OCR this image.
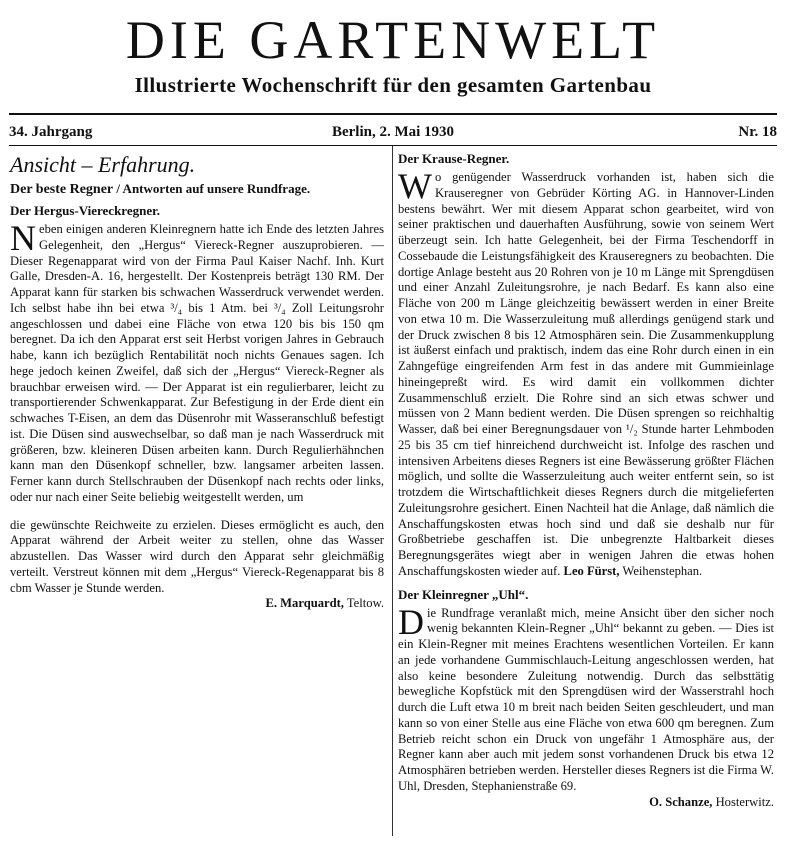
DIE GARTENWELT
Illustrierte Wochenschrift für den gesamten Gartenbau
34. Jahrgang	Berlin, 2. Mai 1930	Nr. 18
Ansicht – Erfahrung.
Der beste Regner / Antworten auf unsere Rundfrage.
Der Hergus-Viereckregner.

Neben einigen anderen Kleinregnern hatte ich Ende des letzten Jahres Gelegenheit, den „Hergus“ Viereck-Regner auszuprobieren. — Dieser Regenapparat wird von der Firma Paul Kaiser Nachf. Inh. Kurt Galle, Dresden-A. 16, hergestellt. Der Kostenpreis beträgt 130 RM. Der Apparat kann für starken bis schwachen Wasserdruck verwendet werden. Ich selbst habe ihn bei etwa ³/₄ bis 1 Atm. bei ³/₄ Zoll Leitungsrohr angeschlossen und dabei eine Fläche von etwa 120 bis bis 150 qm beregnet. Da ich den Apparat erst seit Herbst vorigen Jahres in Gebrauch habe, kann ich bezüglich Rentabilität noch nichts Genaues sagen. Ich hege jedoch keinen Zweifel, daß sich der „Hergus“ Viereck-Regner als brauchbar erweisen wird. — Der Apparat ist ein regulierbarer, leicht zu transportierender Schwenkapparat. Zur Befestigung in der Erde dient ein schwaches T-Eisen, an dem das Düsenrohr mit Wasseranschluß befestigt ist. Die Düsen sind auswechselbar, so daß man je nach Wasserdruck mit größeren, bzw. kleineren Düsen arbeiten kann. Durch Regulierhähnchen kann man den Düsenkopf schneller, bzw. langsamer arbeiten lassen. Ferner kann durch Stellschrauben der Düsenkopf nach rechts oder links, oder nur nach einer Seite beliebig weitgestellt werden, um

die gewünschte Reichweite zu erzielen. Dieses ermöglicht es auch, den Apparat während der Arbeit weiter zu stellen, ohne das Wasser abzustellen. Das Wasser wird durch den Apparat sehr gleichmäßig verteilt. Verstreut können mit dem „Hergus“ Viereck-Regenapparat bis 8 cbm Wasser je Stunde werden.

E. Marquardt, Teltow.

Der Krause-Regner.

Wo genügender Wasserdruck vorhanden ist, haben sich die Krauseregner von Gebrüder Körting AG. in Hannover-Linden bestens bewährt. Wer mit diesem Apparat schon gearbeitet, wird von seiner praktischen und dauerhaften Ausführung, sowie von seinem Wert überzeugt sein. Ich hatte Gelegenheit, bei der Firma Teschendorff in Cossebaude die Leistungsfähigkeit des Krauseregners zu beobachten. Die dortige Anlage besteht aus 20 Rohren von je 10 m Länge mit Sprengdüsen und einer Anzahl Zuleitungsrohre, je nach Bedarf. Es kann also eine Fläche von 200 m Länge gleichzeitig bewässert werden in einer Breite von etwa 10 m. Die Wasserzuleitung muß allerdings genügend stark und der Druck zwischen 8 bis 12 Atmosphären sein. Die Zusammenkupplung ist äußerst einfach und praktisch, indem das eine Rohr durch einen in ein Zahngefüge eingreifenden Arm fest in das andere mit Gummieinlage hineingepreßt wird. Es wird damit ein vollkommen dichter Zusammenschluß erzielt. Die Rohre sind an sich etwas schwer und müssen von 2 Mann bedient werden. Die Düsen sprengen so reichhaltig Wasser, daß bei einer Beregnungsdauer von ¹/₂ Stunde harter Lehmboden 25 bis 35 cm tief hinreichend durchweicht ist. Infolge des raschen und intensiven Arbeitens dieses Regners ist eine Bewässerung größter Flächen möglich, und sollte die Wasserzuleitung auch weiter entfernt sein, so ist trotzdem die Wirtschaftlichkeit dieses Regners durch die mitgelieferten Zuleitungsrohre gesichert. Einen Nachteil hat die Anlage, daß nämlich die Anschaffungskosten etwas hoch sind und daß sie deshalb nur für Großbetriebe geschaffen ist. Die unbegrenzte Haltbarkeit dieses Beregnungsgerätes wiegt aber in wenigen Jahren die etwas hohen Anschaffungskosten wieder auf. Leo Fürst, Weihenstephan.

Der Kleinregner „Uhl“.

Die Rundfrage veranlaßt mich, meine Ansicht über den sicher noch wenig bekannten Klein-Regner „Uhl“ bekannt zu geben. — Dies ist ein Klein-Regner mit meines Erachtens wesentlichen Vorteilen. Er kann an jede vorhandene Gummischlauch-Leitung angeschlossen werden, hat also keine besondere Zuleitung notwendig. Durch das selbsttätig bewegliche Kopfstück mit den Sprengdüsen wird der Wasserstrahl hoch durch die Luft etwa 10 m breit nach beiden Seiten geschleudert, und man kann so von einer Stelle aus eine Fläche von etwa 600 qm beregnen. Zum Betrieb reicht schon ein Druck von ungefähr 1 Atmosphäre aus, der Regner kann aber auch mit jedem sonst vorhandenen Druck bis etwa 12 Atmosphären betrieben werden. Hersteller dieses Regners ist die Firma W. Uhl, Dresden, Stephanienstraße 69.

O. Schanze, Hosterwitz.
